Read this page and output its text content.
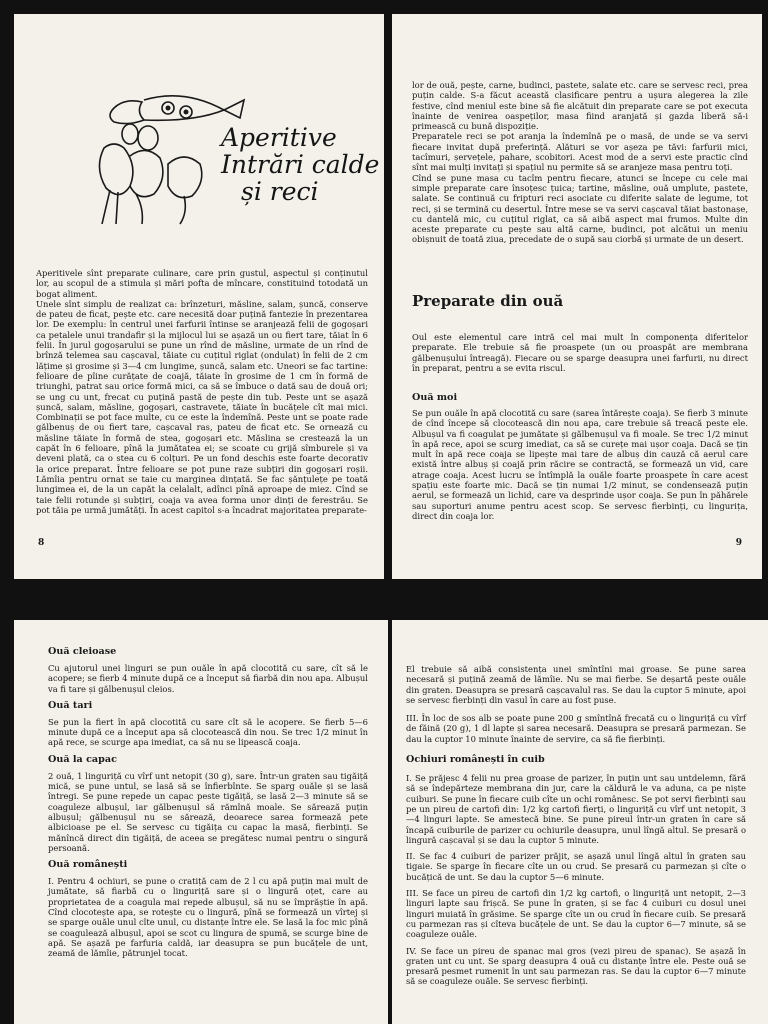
Aperitive
Intrări calde
și reci

Aperitivele sînt preparate culinare, care prin gustul, aspectul și conținutul lor, au scopul de a stimula și mări pofta de mîncare, constituind totodată un bogat aliment.

Unele sînt simplu de realizat ca: brînzeturi, măsline, salam, șuncă, conserve de pateu de ficat, pește etc. care necesită doar puțină fantezie în prezentarea lor. De exemplu: în centrul unei farfurii întinse se aranjează felii de gogoșari ca petalele unui trandafir și la mijlocul lui se așază un ou fiert tare, tăiat în 6 felii. În jurul gogoșarului se pune un rînd de măsline, urmate de un rînd de brînză telemea sau cașcaval, tăiate cu cuțitul riglat (ondulat) în felii de 2 cm lățime și grosime și 3—4 cm lungime, șuncă, salam etc. Uneori se fac tartine: felioare de pîine curățate de coajă, tăiate în grosime de 1 cm în formă de triunghi, patrat sau orice formă mici, ca să se îmbuce o dată sau de două ori; se ung cu unt, frecat cu puțină pastă de pește din tub. Peste unt se așază șuncă, salam, măsline, gogoșari, castravete, tăiate în bucățele cît mai mici. Combinații se pot face multe, cu ce este la îndemînă. Peste unt se poate rade gălbenuș de ou fiert tare, cașcaval ras, pateu de ficat etc. Se ornează cu măsline tăiate în formă de stea, gogoșari etc. Măslina se crestează la un capăt în 6 felioare, pînă la jumătatea ei; se scoate cu grijă sîmburele și va deveni plată, ca o stea cu 6 colțuri. Pe un fond deschis este foarte decorativ la orice preparat. Între felioare se pot pune raze subțiri din gogoșari roșii. Lămîia pentru ornat se taie cu marginea dințată. Se fac șănțulețe pe toată lungimea ei, de la un capăt la celalalt, adînci pînă aproape de miez. Cînd se taie felii rotunde și subțiri, coaja va avea forma unor dinți de ferestrău. Se pot tăia pe urmă jumătăți. În acest capitol s-a încadrat majoritatea preparate-

8

lor de ouă, pește, carne, budinci, pastete, salate etc. care se servesc reci, prea puțin calde. S-a făcut această clasificare pentru a ușura alegerea la zile festive, cînd meniul este bine să fie alcătuit din preparate care se pot executa înainte de venirea oaspeților, masa fiind aranjată și gazda liberă să-i primească cu bună dispoziție.

Preparatele reci se pot aranja la îndemînă pe o masă, de unde se va servi fiecare invitat după preferință. Alături se vor așeza pe tăvi: farfurii mici, tacîmuri, șervețele, pahare, scobitori. Acest mod de a servi este practic cînd sînt mai mulți invitați și spațiul nu permite să se aranjeze masa pentru toți.

Cînd se pune masa cu tacîm pentru fiecare, atunci se începe cu cele mai simple preparate care însoțesc țuica; tartine, măsline, ouă umplute, pastete, salate. Se continuă cu fripturi reci asociate cu diferite salate de legume, tot reci, și se termină cu desertul. Între mese se va servi cașcaval tăiat bastonașe, cu dantelă mic, cu cuțitul riglat, ca să aibă aspect mai frumos. Multe din aceste preparate cu pește sau altă carne, budinci, pot alcătui un meniu obișnuit de toată ziua, precedate de o supă sau ciorbă și urmate de un desert.

Preparate din ouă
Oul este elementul care intră cel mai mult în componența diferitelor preparate. Ele trebuie să fie proaspete (un ou proaspăt are membrana gălbenușului întreagă). Fiecare ou se sparge deasupra unei farfurii, nu direct în preparat, pentru a se evita riscul.
Ouă moi
Se pun ouăle în apă clocotită cu sare (sarea întărește coaja). Se fierb 3 minute de cînd începe să clocotească din nou apa, care trebuie să treacă peste ele. Albușul va fi coagulat pe jumătate și gălbenușul va fi moale. Se trec 1/2 minut în apă rece, apoi se scurg imediat, ca să se curețe mai ușor coaja. Dacă se țin mult în apă rece coaja se lipește mai tare de albuș din cauză că aerul care există între albuș și coajă prin răcire se contractă, se formează un vid, care atrage coaja. Acest lucru se întîmplă la ouăle foarte proaspete în care acest spațiu este foarte mic. Dacă se țin numai 1/2 minut, se condensează puțin aerul, se formează un lichid, care va desprinde ușor coaja. Se pun în păhărele sau suporturi anume pentru acest scop. Se servesc fierbinți, cu lingurița, direct din coaja lor.
9
Ouă cleioase
Cu ajutorul unei linguri se pun ouăle în apă clocotită cu sare, cît să le acopere; se fierb 4 minute după ce a început să fiarbă din nou apa. Albușul va fi tare și gălbenușul cleios.
Ouă tari
Se pun la fiert în apă clocotită cu sare cît să le acopere. Se fierb 5—6 minute după ce a început apa să clocotească din nou. Se trec 1/2 minut în apă rece, se scurge apa imediat, ca să nu se lipească coaja.
Ouă la capac
2 ouă, 1 linguriță cu vîrf unt netopit (30 g), sare. Într-un graten sau tigăiță mică, se pune untul, se lasă să se înfierbînte. Se sparg ouăle și se lasă întregi. Se pune repede un capac peste tigăiță, se lasă 2—3 minute să se coaguleze albușul, iar gălbenușul să rămînă moale. Se sărează puțin albușul; gălbenușul nu se sărează, deoarece sarea formează pete albicioase pe el. Se servesc cu tigăița cu capac la masă, fierbinți. Se mănîncă direct din tigăiță, de aceea se pregătesc numai pentru o singură persoană.
Ouă românești
I. Pentru 4 ochiuri, se pune o cratiță cam de 2 l cu apă puțin mai mult de jumătate, să fiarbă cu o linguriță sare și o lingură oțet, care au proprietatea de a coagula mai repede albușul, să nu se împrăștie în apă. Cînd clocotește apa, se rotește cu o lingură, pînă se formează un vîrtej și se sparge ouăle unul cîte unul, cu distanțe între ele. Se lasă la foc mic pînă se coagulează albușul, apoi se scot cu lingura de spumă, se scurge bine de apă. Se așază pe farfuria caldă, iar deasupra se pun bucățele de unt, zeamă de lămîie, pătrunjel tocat.
El trebuie să aibă consistența unei smîntîni mai groase. Se pune sarea necesară și puțină zeamă de lămîie. Nu se mai fierbe. Se deșartă peste ouăle din graten. Deasupra se presară cașcavalul ras. Se dau la cuptor 5 minute, apoi se servesc fierbinți din vasul în care au fost puse.
III. În loc de sos alb se poate pune 200 g smîntînă frecată cu o linguriță cu vîrf de făină (20 g), 1 dl lapte și sarea necesară. Deasupra se presară parmezan. Se dau la cuptor 10 minute înainte de servire, ca să fie fierbinți.
Ochiuri românești în cuib
I. Se prăjesc 4 felii nu prea groase de parizer, în puțin unt sau untdelemn, fără să se îndepărteze membrana din jur, care la căldură le va aduna, ca pe niște cuiburi. Se pune în fiecare cuib cîte un ochi românesc. Se pot servi fierbinți sau pe un pireu de cartofi din: 1/2 kg cartofi fierți, o linguriță cu vîrf unt netopit, 3—4 linguri lapte. Se amestecă bine. Se pune pireul într-un graten în care să încapă cuiburile de parizer cu ochiurile deasupra, unul lîngă altul. Se presară o lingură cașcaval și se dau la cuptor 5 minute.
II. Se fac 4 cuiburi de parizer prăjit, se așază unul lîngă altul în graten sau tigaie. Se sparge în fiecare cîte un ou crud. Se presară cu parmezan și cîte o bucățică de unt. Se dau la cuptor 5—6 minute.
III. Se face un pireu de cartofi din 1/2 kg cartofi, o linguriță unt netopit, 2—3 linguri lapte sau frișcă. Se pune în graten, și se fac 4 cuiburi cu dosul unei linguri muiată în grăsime. Se sparge cîte un ou crud în fiecare cuib. Se presară cu parmezan ras și cîteva bucățele de unt. Se dau la cuptor 6—7 minute, să se coaguleze ouăle.
IV. Se face un pireu de spanac mai gros (vezi pireu de spanac). Se așază în graten unt cu unt. Se sparg deasupra 4 ouă cu distanțe între ele. Peste ouă se presară pesmet rumenit în unt sau parmezan ras. Se dau la cuptor 6—7 minute să se coaguleze ouăle. Se servesc fierbinți.
